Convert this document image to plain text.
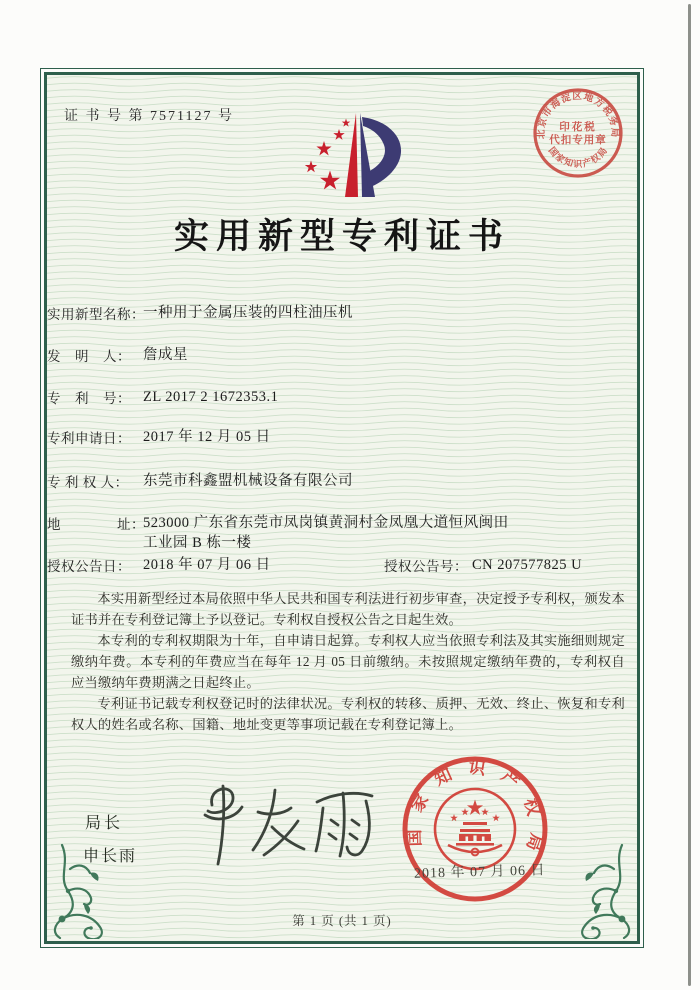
证 书 号 第 7571127 号
实用新型专利证书
实用新型名称：
一种用于金属压装的四柱油压机
发　明　人： 詹成星
专　利　号： ZL 2017 2 1672353.1
专利申请日： 2017 年 12 月 05 日
专 利 权 人： 东莞市科鑫盟机械设备有限公司
地　　　　址：
523000 广东省东莞市凤岗镇黄洞村金凤凰大道恒风闽田
工业园 B 栋一楼
授权公告日： 2018 年 07 月 06 日	授权公告号： CN 207577825 U

本实用新型经过本局依照中华人民共和国专利法进行初步审查，决定授予专利权，颁发本证书并在专利登记簿上予以登记。专利权自授权公告之日起生效。

本专利的专利权期限为十年，自申请日起算。专利权人应当依照专利法及其实施细则规定缴纳年费。本专利的年费应当在每年 12 月 05 日前缴纳。未按照规定缴纳年费的，专利权自应当缴纳年费期满之日起终止。

专利证书记载专利权登记时的法律状况。专利权的转移、质押、无效、终止、恢复和专利权人的姓名或名称、国籍、地址变更等事项记载在专利登记簿上。

局长
申长雨
国家知识产权局
2018 年 07 月 06 日
第 1 页 (共 1 页)
北京市海淀区地方税务局
国家知识产权局
印花税
代扣专用章
